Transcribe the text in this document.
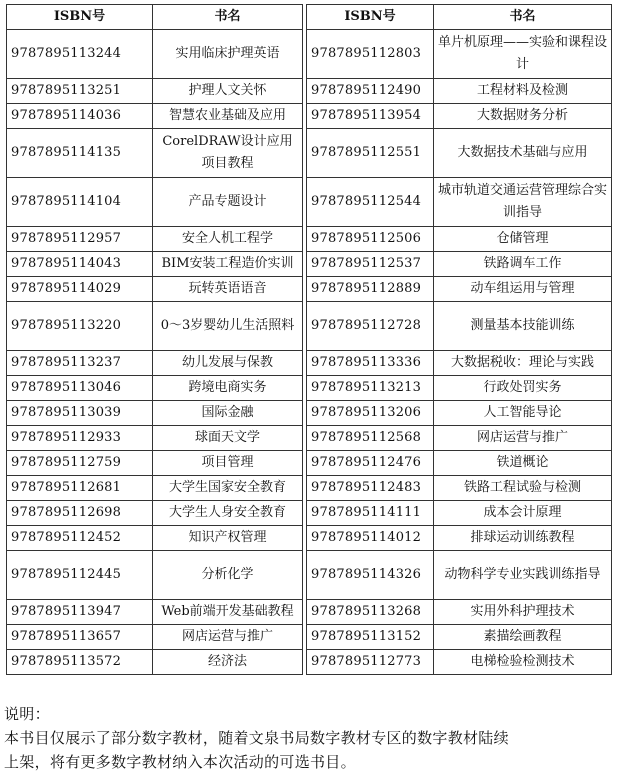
ISBN号	书名		ISBN号	书名
9787895113244	实用临床护理英语		9787895112803	单片机原理——实验和课程设计
9787895113251	护理人文关怀		9787895112490	工程材料及检测
9787895114036	智慧农业基础及应用		9787895113954	大数据财务分析
9787895114135	CorelDRAW设计应用项目教程		9787895112551	大数据技术基础与应用
9787895114104	产品专题设计		9787895112544	城市轨道交通运营管理综合实训指导
9787895112957	安全人机工程学		9787895112506	仓储管理
9787895114043	BIM安装工程造价实训		9787895112537	铁路调车工作
9787895114029	玩转英语语音		9787895112889	动车组运用与管理
9787895113220	0～3岁婴幼儿生活照料		9787895112728	测量基本技能训练
9787895113237	幼儿发展与保教		9787895113336	大数据税收：理论与实践
9787895113046	跨境电商实务		9787895113213	行政处罚实务
9787895113039	国际金融		9787895113206	人工智能导论
9787895112933	球面天文学		9787895112568	网店运营与推广
9787895112759	项目管理		9787895112476	铁道概论
9787895112681	大学生国家安全教育		9787895112483	铁路工程试验与检测
9787895112698	大学生人身安全教育		9787895114111	成本会计原理
9787895112452	知识产权管理		9787895114012	排球运动训练教程
9787895112445	分析化学		9787895114326	动物科学专业实践训练指导
9787895113947	Web前端开发基础教程		9787895113268	实用外科护理技术
9787895113657	网店运营与推广		9787895113152	素描绘画教程
9787895113572	经济法		9787895112773	电梯检验检测技术
说明：
本书目仅展示了部分数字教材，随着文泉书局数字教材专区的数字教材陆续
上架，将有更多数字教材纳入本次活动的可选书目。
